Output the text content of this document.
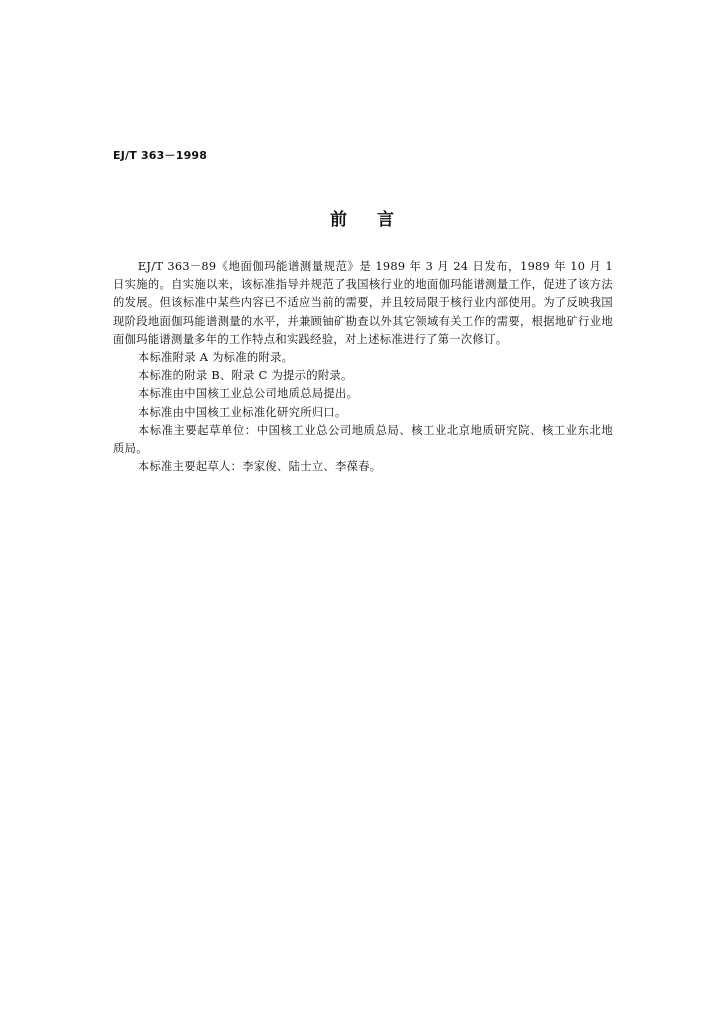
EJ/T 363－1998
前言

EJ/T 363－89《地面伽玛能谱测量规范》是 1989 年 3 月 24 日发布，1989 年 10 月 1 日实施的。自实施以来，该标准指导并规范了我国核行业的地面伽玛能谱测量工作，促进了该方法的发展。但该标准中某些内容已不适应当前的需要，并且较局限于核行业内部使用。为了反映我国现阶段地面伽玛能谱测量的水平，并兼顾铀矿勘查以外其它领域有关工作的需要，根据地矿行业地面伽玛能谱测量多年的工作特点和实践经验，对上述标准进行了第一次修订。

本标准附录 A 为标准的附录。

本标准的附录 B、附录 C 为提示的附录。

本标准由中国核工业总公司地质总局提出。

本标准由中国核工业标准化研究所归口。

本标准主要起草单位：中国核工业总公司地质总局、核工业北京地质研究院、核工业东北地质局。

本标准主要起草人：李家俊、陆士立、李葆春。
